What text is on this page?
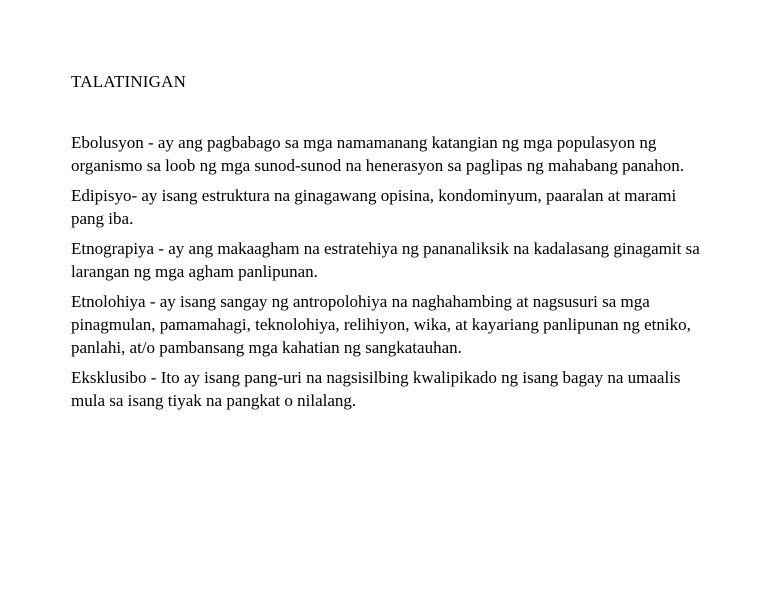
TALATINIGAN

Ebolusyon - ay ang pagbabago sa mga namamanang katangian ng mga populasyon ng organismo sa loob ng mga sunod-sunod na henerasyon sa paglipas ng mahabang panahon.

Edipisyo- ay isang estruktura na ginagawang opisina, kondominyum, paaralan at marami pang iba.

Etnograpiya - ay ang makaagham na estratehiya ng pananaliksik na kadalasang ginagamit sa larangan ng mga agham panlipunan.

Etnolohiya - ay isang sangay ng antropolohiya na naghahambing at nagsusuri sa mga pinagmulan, pamamahagi, teknolohiya, relihiyon, wika, at kayariang panlipunan ng etniko, panlahi, at/o pambansang mga kahatian ng sangkatauhan.

Eksklusibo - Ito ay isang pang-uri na nagsisilbing kwalipikado ng isang bagay na umaalis mula sa isang tiyak na pangkat o nilalang.
